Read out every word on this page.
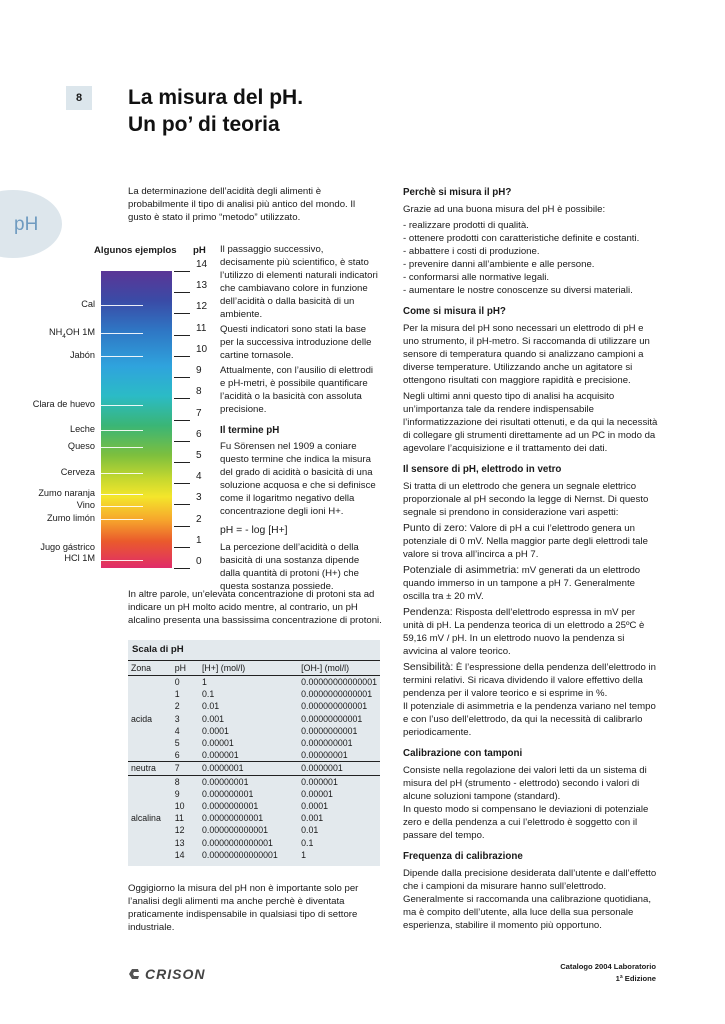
8	La misura del pH.
Un po’ di teoria
pH
La determinazione dell’acidità degli alimenti è probabilmente il tipo di analisi più antico del mondo. Il gusto è stato il primo “metodo” utilizzato.
Algunos ejemplos pH
14
13
12
11
10
9
8
7
6
5
4
3
2
1
0
Cal
$NH_4OH$ 1M
Jabón
Clara de huevo
Leche
Queso
Cerveza
Zumo naranja
Vino
Zumo limón
Jugo gástrico
HCl 1M

Il passaggio successivo, decisamente più scientifico, è stato l’utilizzo di elementi naturali indicatori che cambiavano colore in funzione dell’acidità o dalla basicità di un ambiente.

Questi indicatori sono stati la base per la successiva introduzione delle cartine tornasole.

Attualmente, con l’ausilio di elettrodi e pH-metri, è possibile quantificare l’acidità o la basicità con assoluta precisione.

Il termine pH

Fu Sörensen nel 1909 a coniare questo termine che indica la misura del grado di acidità o basicità di una soluzione acquosa e che si definisce come il logaritmo negativo della concentrazione degli ioni H+.

pH = - log [H+]

La percezione dell’acidità o della basicità di una sostanza dipende dalla quantità di protoni (H+) che questa sostanza possiede.

In altre parole, un’elevata concentrazione di protoni sta ad indicare un pH molto acido mentre, al contrario, un pH alcalino presenta una bassissima concentrazione di protoni.
Scala di pH
Zona	pH	[H+] (mol/l)	[OH-] (mol/l)
	0	1	0.00000000000001
	1	0.1	0.0000000000001
	2	0.01	0.000000000001
acida	3	0.001	0.00000000001
	4	0.0001	0.0000000001
	5	0.00001	0.000000001
	6	0.000001	0.00000001
neutra	7	0.0000001	0.0000001
	8	0.00000001	0.000001
	9	0.000000001	0.00001
	10	0.0000000001	0.0001
alcalina	11	0.00000000001	0.001
	12	0.000000000001	0.01
	13	0.0000000000001	0.1
	14	0.00000000000001	1
Oggigiorno la misura del pH non è importante solo per l’analisi degli alimenti ma anche perchè è diventata praticamente indispensabile in qualsiasi tipo di settore industriale.
Perchè si misura il pH?

Grazie ad una buona misura del pH è possibile:

- realizzare prodotti di qualità.
- ottenere prodotti con caratteristiche definite e costanti.
- abbattere i costi di produzione.
- prevenire danni all’ambiente e alle persone.
- conformarsi alle normative legali.
- aumentare le nostre conoscenze su diversi materiali.
Come si misura il pH?

Per la misura del pH sono necessari un elettrodo di pH e uno strumento, il pH-metro. Si raccomanda di utilizzare un sensore di temperatura quando si analizzano campioni a diverse temperature. Utilizzando anche un agitatore si ottengono risultati con maggiore rapidità e precisione.

Negli ultimi anni questo tipo di analisi ha acquisito un’importanza tale da rendere indispensabile l’informatizzazione dei risultati ottenuti, e da qui la necessità di collegare gli strumenti direttamente ad un PC in modo da agevolare l’acquisizione e il trattamento dei dati.

Il sensore di pH, elettrodo in vetro

Si tratta di un elettrodo che genera un segnale elettrico proporzionale al pH secondo la legge di Nernst. Di questo segnale si prendono in considerazione vari aspetti:

Punto di zero: Valore di pH a cui l’elettrodo genera un potenziale di 0 mV. Nella maggior parte degli elettrodi tale valore si trova all’incirca a pH 7.

Potenziale di asimmetria: mV generati da un elettrodo quando immerso in un tampone a pH 7. Generalmente oscilla tra ± 20 mV.

Pendenza: Risposta dell’elettrodo espressa in mV per unità di pH. La pendenza teorica di un elettrodo a 25ºC è 59,16 mV / pH. In un elettrodo nuovo la pendenza si avvicina al valore teorico.

Sensibilità: È l’espressione della pendenza dell’elettrodo in termini relativi. Si ricava dividendo il valore effettivo della pendenza per il valore teorico e si esprime in %.

Il potenziale di asimmetria e la pendenza variano nel tempo e con l’uso dell’elettrodo, da qui la necessità di calibrarlo periodicamente.

Calibrazione con tamponi

Consiste nella regolazione dei valori letti da un sistema di misura del pH (strumento - elettrodo) secondo i valori di alcune soluzioni tampone (standard).

In questo modo si compensano le deviazioni di potenziale zero e della pendenza a cui l’elettrodo è soggetto con il passare del tempo.

Frequenza di calibrazione

Dipende dalla precisione desiderata dall’utente e dall’effetto che i campioni da misurare hanno sull’elettrodo. Generalmente si raccomanda una calibrazione quotidiana, ma è compito dell’utente, alla luce della sua personale esperienza, stabilire il momento più opportuno.

CRISON	Catalogo 2004 Laboratorio
1ª Edizione
